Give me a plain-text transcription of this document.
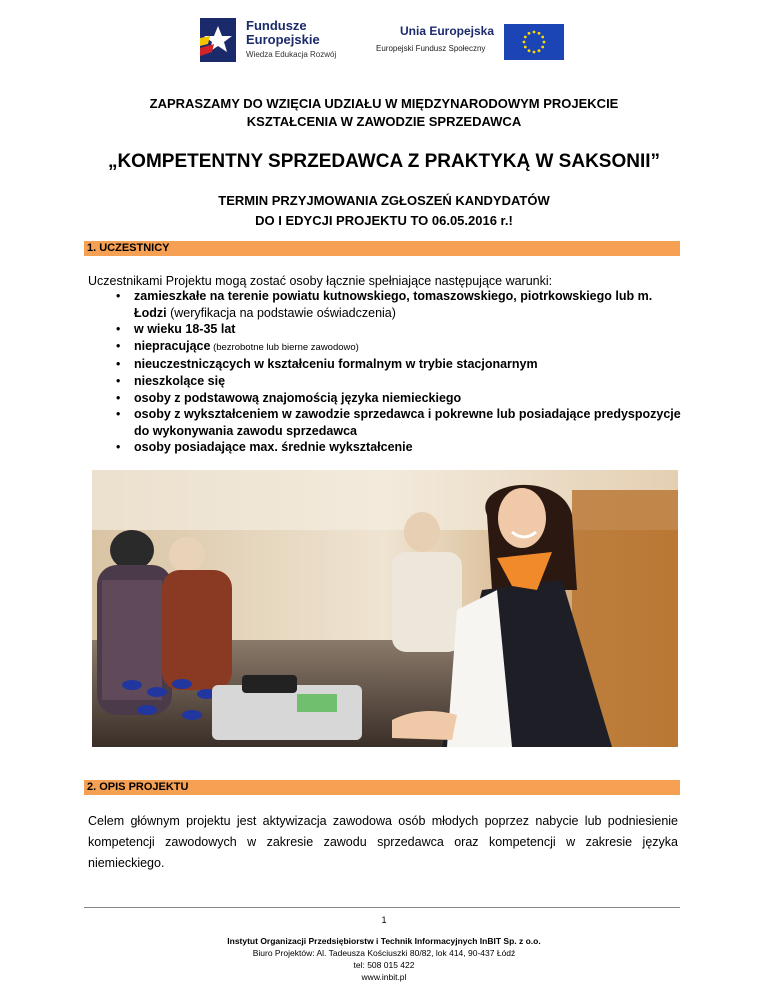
Fundusze
Europejskie
Wiedza Edukacja Rozwój
Unia Europejska
Europejski Fundusz Społeczny
ZAPRASZAMY DO WZIĘCIA UDZIAŁU W MIĘDZYNARODOWYM PROJEKCIE
KSZTAŁCENIA W ZAWODZIE SPRZEDAWCA
„KOMPETENTNY SPRZEDAWCA Z PRAKTYKĄ W SAKSONII”
TERMIN PRZYJMOWANIA ZGŁOSZEŃ KANDYDATÓW
DO I EDYCJI PROJEKTU TO 06.05.2016 r.!
1. UCZESTNICY
Uczestnikami Projektu mogą zostać osoby łącznie spełniające następujące warunki:
• zamieszkałe na terenie powiatu kutnowskiego, tomaszowskiego, piotrkowskiego lub m. Łodzi (weryfikacja na podstawie oświadczenia)
• w wieku 18-35 lat
• niepracujące (bezrobotne lub bierne zawodowo)
• nieuczestniczących w kształceniu formalnym w trybie stacjonarnym
• nieszkolące się
• osoby z podstawową znajomością języka niemieckiego
• osoby z wykształceniem w zawodzie sprzedawca i pokrewne lub posiadające predyspozycje do wykonywania zawodu sprzedawca
• osoby posiadające max. średnie wykształcenie
2. OPIS PROJEKTU
Celem głównym projektu jest aktywizacja zawodowa osób młodych poprzez nabycie lub podniesienie kompetencji zawodowych w zakresie zawodu sprzedawca oraz kompetencji w zakresie języka niemieckiego.
1
Instytut Organizacji Przedsiębiorstw i Technik Informacyjnych InBIT Sp. z o.o.
Biuro Projektów: Al. Tadeusza Kościuszki 80/82, lok 414, 90-437 Łódź
tel: 508 015 422
www.inbit.pl
